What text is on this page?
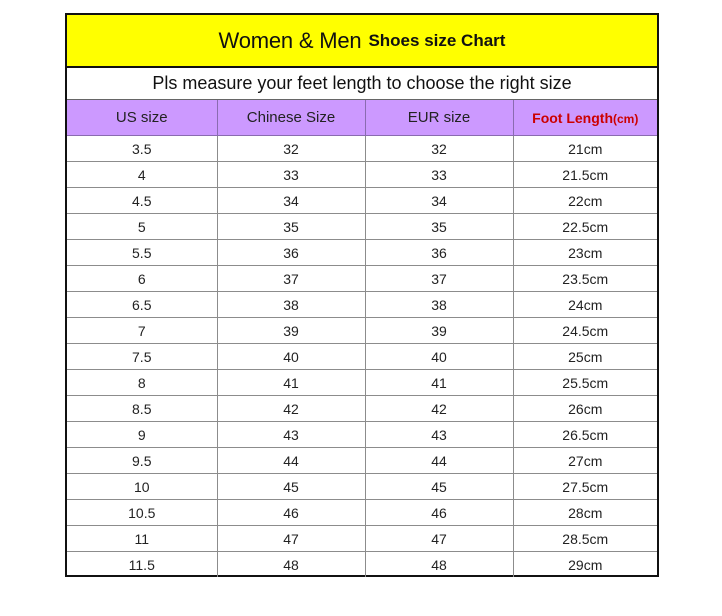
Women & Men Shoes size Chart
Pls measure your feet length to choose the right size
US size	Chinese Size	EUR size	Foot Length(cm)
3.5	32	32	21cm
4	33	33	21.5cm
4.5	34	34	22cm
5	35	35	22.5cm
5.5	36	36	23cm
6	37	37	23.5cm
6.5	38	38	24cm
7	39	39	24.5cm
7.5	40	40	25cm
8	41	41	25.5cm
8.5	42	42	26cm
9	43	43	26.5cm
9.5	44	44	27cm
10	45	45	27.5cm
10.5	46	46	28cm
11	47	47	28.5cm
11.5	48	48	29cm
